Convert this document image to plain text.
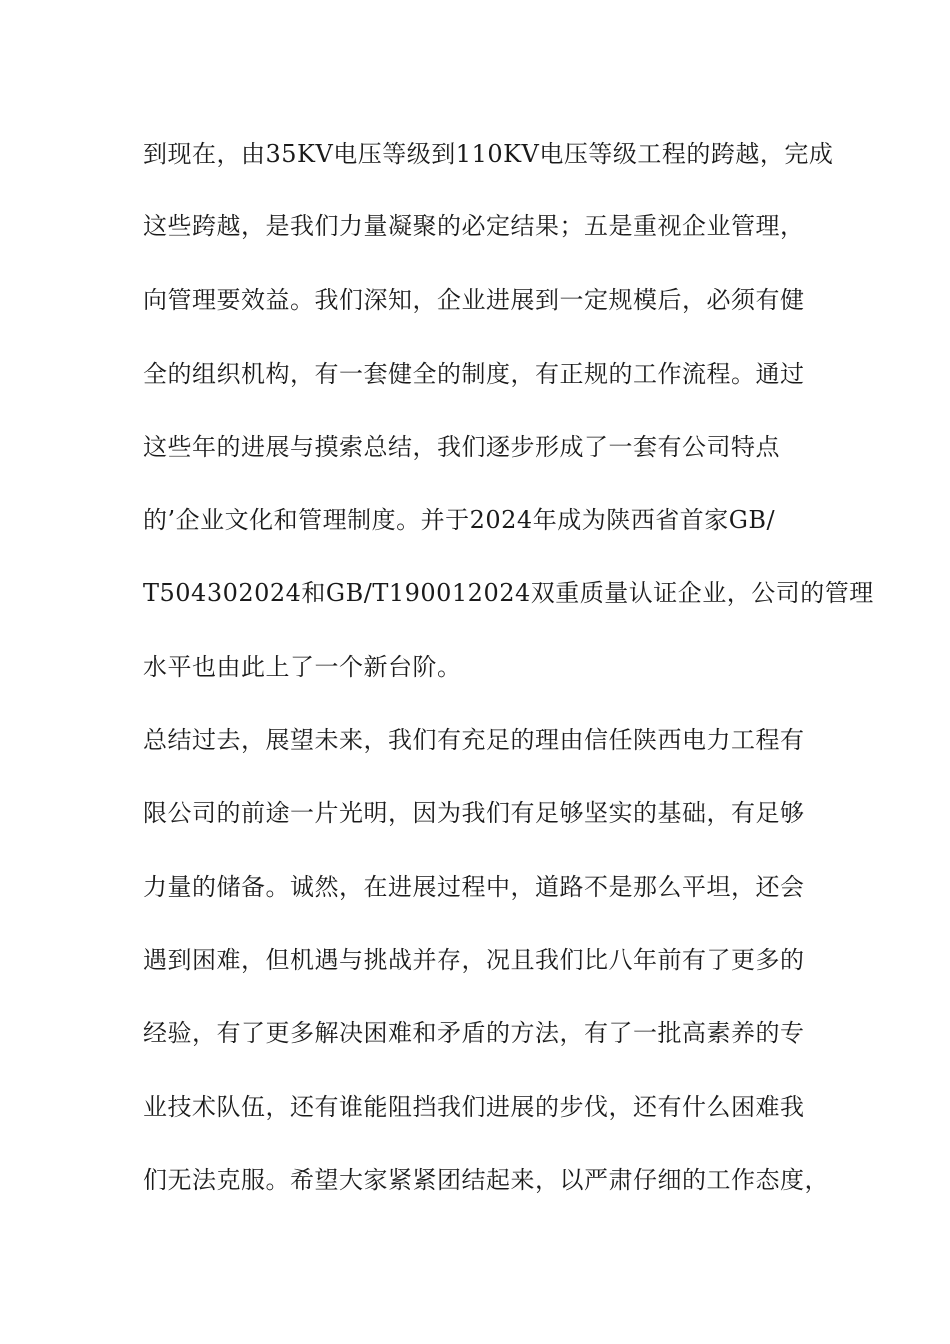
到现在，由35KV电压等级到110KV电压等级工程的跨越，完成
这些跨越，是我们力量凝聚的必定结果；五是重视企业管理，
向管理要效益。我们深知，企业进展到一定规模后，必须有健
全的组织机构，有一套健全的制度，有正规的工作流程。通过
这些年的进展与摸索总结，我们逐步形成了一套有公司特点
的’企业文化和管理制度。并于2024年成为陕西省首家GB/
T504302024和GB/T190012024双重质量认证企业，公司的管理
水平也由此上了一个新台阶。
总结过去，展望未来，我们有充足的理由信任陕西电力工程有
限公司的前途一片光明，因为我们有足够坚实的基础，有足够
力量的储备。诚然，在进展过程中，道路不是那么平坦，还会
遇到困难，但机遇与挑战并存，况且我们比八年前有了更多的
经验，有了更多解决困难和矛盾的方法，有了一批高素养的专
业技术队伍，还有谁能阻挡我们进展的步伐，还有什么困难我
们无法克服。希望大家紧紧团结起来，以严肃仔细的工作态度，
